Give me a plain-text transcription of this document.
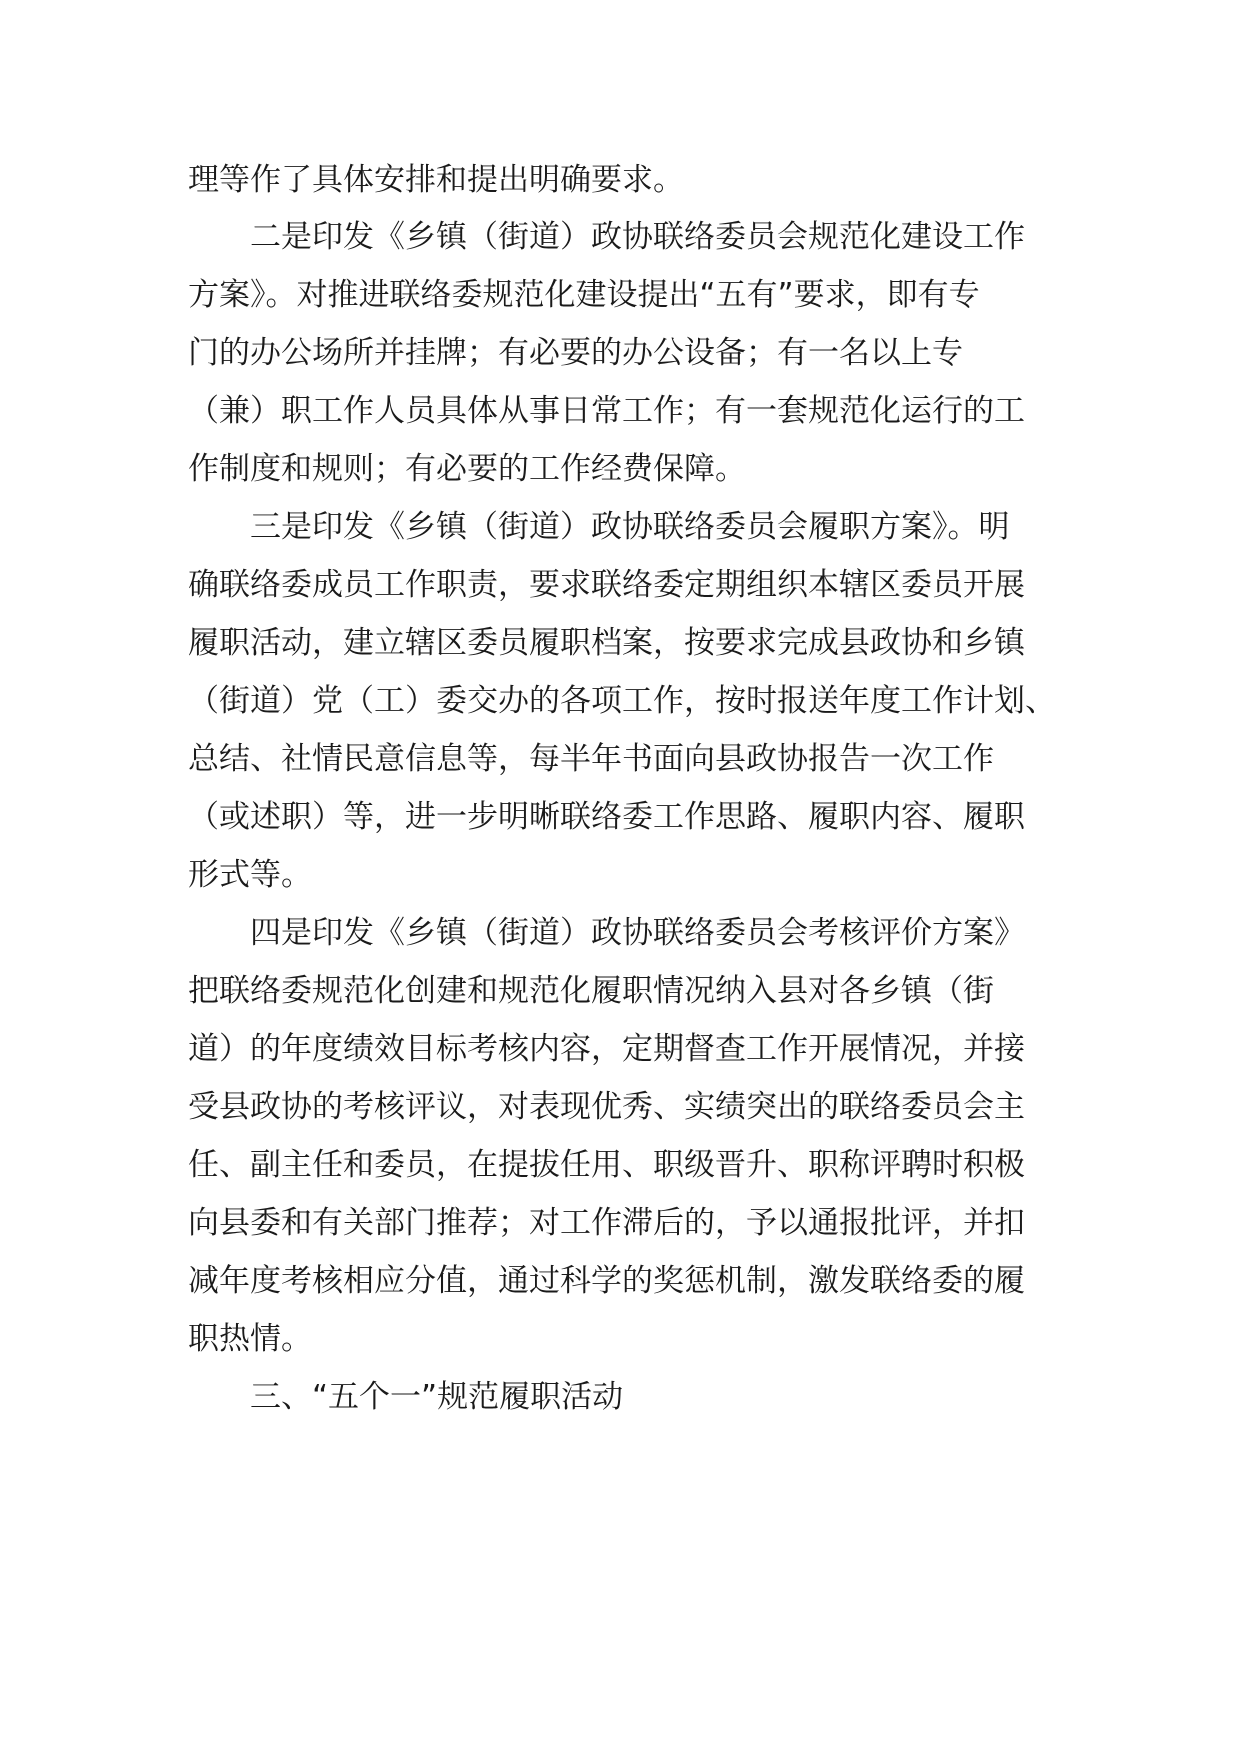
理等作了具体安排和提出明确要求。
二是印发《乡镇（街道）政协联络委员会规范化建设工作
方案》。对推进联络委规范化建设提出“五有”要求，即有专
门的办公场所并挂牌；有必要的办公设备；有一名以上专
（兼）职工作人员具体从事日常工作；有一套规范化运行的工
作制度和规则；有必要的工作经费保障。
三是印发《乡镇（街道）政协联络委员会履职方案》。明
确联络委成员工作职责，要求联络委定期组织本辖区委员开展
履职活动，建立辖区委员履职档案，按要求完成县政协和乡镇
（街道）党（工）委交办的各项工作，按时报送年度工作计划、
总结、社情民意信息等，每半年书面向县政协报告一次工作
（或述职）等，进一步明晰联络委工作思路、履职内容、履职
形式等。
四是印发《乡镇（街道）政协联络委员会考核评价方案》
把联络委规范化创建和规范化履职情况纳入县对各乡镇（街
道）的年度绩效目标考核内容，定期督查工作开展情况，并接
受县政协的考核评议，对表现优秀、实绩突出的联络委员会主
任、副主任和委员，在提拔任用、职级晋升、职称评聘时积极
向县委和有关部门推荐；对工作滞后的，予以通报批评，并扣
减年度考核相应分值，通过科学的奖惩机制，激发联络委的履
职热情。
三、“五个一”规范履职活动
